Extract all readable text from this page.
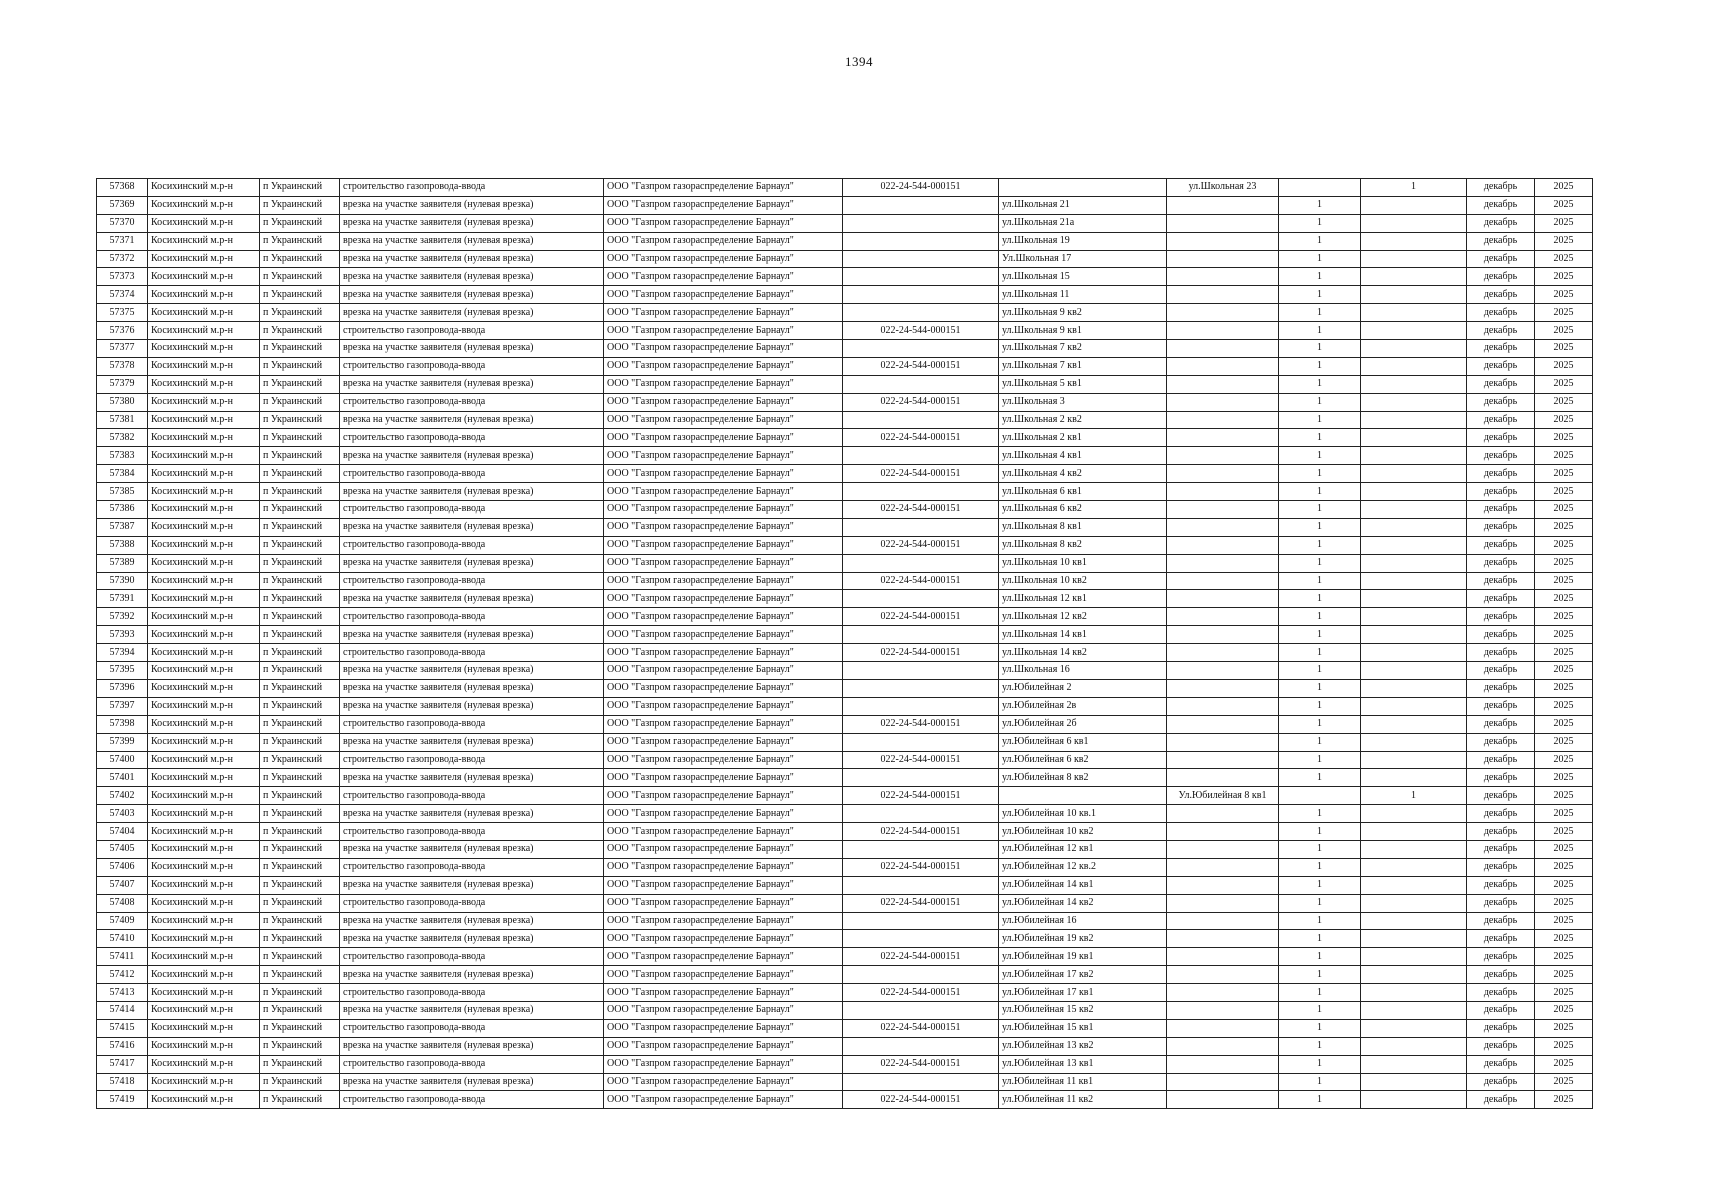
1394
57368	Косихинский м.р-н	п Украинский	строительство газопровода-ввода	ООО "Газпром газораспределение Барнаул"	022-24-544-000151		ул.Школьная 23		1	декабрь	2025
57369	Косихинский м.р-н	п Украинский	врезка на участке заявителя (нулевая врезка)	ООО "Газпром газораспределение Барнаул"		ул.Школьная 21		1		декабрь	2025
57370	Косихинский м.р-н	п Украинский	врезка на участке заявителя (нулевая врезка)	ООО "Газпром газораспределение Барнаул"		ул.Школьная 21а		1		декабрь	2025
57371	Косихинский м.р-н	п Украинский	врезка на участке заявителя (нулевая врезка)	ООО "Газпром газораспределение Барнаул"		ул.Школьная 19		1		декабрь	2025
57372	Косихинский м.р-н	п Украинский	врезка на участке заявителя (нулевая врезка)	ООО "Газпром газораспределение Барнаул"		Ул.Школьная 17		1		декабрь	2025
57373	Косихинский м.р-н	п Украинский	врезка на участке заявителя (нулевая врезка)	ООО "Газпром газораспределение Барнаул"		ул.Школьная 15		1		декабрь	2025
57374	Косихинский м.р-н	п Украинский	врезка на участке заявителя (нулевая врезка)	ООО "Газпром газораспределение Барнаул"		ул.Школьная 11		1		декабрь	2025
57375	Косихинский м.р-н	п Украинский	врезка на участке заявителя (нулевая врезка)	ООО "Газпром газораспределение Барнаул"		ул.Школьная 9 кв2		1		декабрь	2025
57376	Косихинский м.р-н	п Украинский	строительство газопровода-ввода	ООО "Газпром газораспределение Барнаул"	022-24-544-000151	ул.Школьная 9 кв1		1		декабрь	2025
57377	Косихинский м.р-н	п Украинский	врезка на участке заявителя (нулевая врезка)	ООО "Газпром газораспределение Барнаул"		ул.Школьная 7 кв2		1		декабрь	2025
57378	Косихинский м.р-н	п Украинский	строительство газопровода-ввода	ООО "Газпром газораспределение Барнаул"	022-24-544-000151	ул.Школьная 7 кв1		1		декабрь	2025
57379	Косихинский м.р-н	п Украинский	врезка на участке заявителя (нулевая врезка)	ООО "Газпром газораспределение Барнаул"		ул.Школьная 5 кв1		1		декабрь	2025
57380	Косихинский м.р-н	п Украинский	строительство газопровода-ввода	ООО "Газпром газораспределение Барнаул"	022-24-544-000151	ул.Школьная 3		1		декабрь	2025
57381	Косихинский м.р-н	п Украинский	врезка на участке заявителя (нулевая врезка)	ООО "Газпром газораспределение Барнаул"		ул.Школьная 2 кв2		1		декабрь	2025
57382	Косихинский м.р-н	п Украинский	строительство газопровода-ввода	ООО "Газпром газораспределение Барнаул"	022-24-544-000151	ул.Школьная 2 кв1		1		декабрь	2025
57383	Косихинский м.р-н	п Украинский	врезка на участке заявителя (нулевая врезка)	ООО "Газпром газораспределение Барнаул"		ул.Школьная 4 кв1		1		декабрь	2025
57384	Косихинский м.р-н	п Украинский	строительство газопровода-ввода	ООО "Газпром газораспределение Барнаул"	022-24-544-000151	ул.Школьная 4 кв2		1		декабрь	2025
57385	Косихинский м.р-н	п Украинский	врезка на участке заявителя (нулевая врезка)	ООО "Газпром газораспределение Барнаул"		ул.Школьная 6 кв1		1		декабрь	2025
57386	Косихинский м.р-н	п Украинский	строительство газопровода-ввода	ООО "Газпром газораспределение Барнаул"	022-24-544-000151	ул.Школьная 6 кв2		1		декабрь	2025
57387	Косихинский м.р-н	п Украинский	врезка на участке заявителя (нулевая врезка)	ООО "Газпром газораспределение Барнаул"		ул.Школьная 8 кв1		1		декабрь	2025
57388	Косихинский м.р-н	п Украинский	строительство газопровода-ввода	ООО "Газпром газораспределение Барнаул"	022-24-544-000151	ул.Школьная 8 кв2		1		декабрь	2025
57389	Косихинский м.р-н	п Украинский	врезка на участке заявителя (нулевая врезка)	ООО "Газпром газораспределение Барнаул"		ул.Школьная 10 кв1		1		декабрь	2025
57390	Косихинский м.р-н	п Украинский	строительство газопровода-ввода	ООО "Газпром газораспределение Барнаул"	022-24-544-000151	ул.Школьная 10 кв2		1		декабрь	2025
57391	Косихинский м.р-н	п Украинский	врезка на участке заявителя (нулевая врезка)	ООО "Газпром газораспределение Барнаул"		ул.Школьная 12 кв1		1		декабрь	2025
57392	Косихинский м.р-н	п Украинский	строительство газопровода-ввода	ООО "Газпром газораспределение Барнаул"	022-24-544-000151	ул.Школьная 12 кв2		1		декабрь	2025
57393	Косихинский м.р-н	п Украинский	врезка на участке заявителя (нулевая врезка)	ООО "Газпром газораспределение Барнаул"		ул.Школьная 14 кв1		1		декабрь	2025
57394	Косихинский м.р-н	п Украинский	строительство газопровода-ввода	ООО "Газпром газораспределение Барнаул"	022-24-544-000151	ул.Школьная 14 кв2		1		декабрь	2025
57395	Косихинский м.р-н	п Украинский	врезка на участке заявителя (нулевая врезка)	ООО "Газпром газораспределение Барнаул"		ул.Школьная 16		1		декабрь	2025
57396	Косихинский м.р-н	п Украинский	врезка на участке заявителя (нулевая врезка)	ООО "Газпром газораспределение Барнаул"		ул.Юбилейная 2		1		декабрь	2025
57397	Косихинский м.р-н	п Украинский	врезка на участке заявителя (нулевая врезка)	ООО "Газпром газораспределение Барнаул"		ул.Юбилейная 2в		1		декабрь	2025
57398	Косихинский м.р-н	п Украинский	строительство газопровода-ввода	ООО "Газпром газораспределение Барнаул"	022-24-544-000151	ул.Юбилейная 2б		1		декабрь	2025
57399	Косихинский м.р-н	п Украинский	врезка на участке заявителя (нулевая врезка)	ООО "Газпром газораспределение Барнаул"		ул.Юбилейная 6 кв1		1		декабрь	2025
57400	Косихинский м.р-н	п Украинский	строительство газопровода-ввода	ООО "Газпром газораспределение Барнаул"	022-24-544-000151	ул.Юбилейная 6 кв2		1		декабрь	2025
57401	Косихинский м.р-н	п Украинский	врезка на участке заявителя (нулевая врезка)	ООО "Газпром газораспределение Барнаул"		ул.Юбилейная 8 кв2		1		декабрь	2025
57402	Косихинский м.р-н	п Украинский	строительство газопровода-ввода	ООО "Газпром газораспределение Барнаул"	022-24-544-000151		Ул.Юбилейная 8 кв1		1	декабрь	2025
57403	Косихинский м.р-н	п Украинский	врезка на участке заявителя (нулевая врезка)	ООО "Газпром газораспределение Барнаул"		ул.Юбилейная 10 кв.1		1		декабрь	2025
57404	Косихинский м.р-н	п Украинский	строительство газопровода-ввода	ООО "Газпром газораспределение Барнаул"	022-24-544-000151	ул.Юбилейная 10 кв2		1		декабрь	2025
57405	Косихинский м.р-н	п Украинский	врезка на участке заявителя (нулевая врезка)	ООО "Газпром газораспределение Барнаул"		ул.Юбилейная 12 кв1		1		декабрь	2025
57406	Косихинский м.р-н	п Украинский	строительство газопровода-ввода	ООО "Газпром газораспределение Барнаул"	022-24-544-000151	ул.Юбилейная 12 кв.2		1		декабрь	2025
57407	Косихинский м.р-н	п Украинский	врезка на участке заявителя (нулевая врезка)	ООО "Газпром газораспределение Барнаул"		ул.Юбилейная 14 кв1		1		декабрь	2025
57408	Косихинский м.р-н	п Украинский	строительство газопровода-ввода	ООО "Газпром газораспределение Барнаул"	022-24-544-000151	ул.Юбилейная 14 кв2		1		декабрь	2025
57409	Косихинский м.р-н	п Украинский	врезка на участке заявителя (нулевая врезка)	ООО "Газпром газораспределение Барнаул"		ул.Юбилейная 16		1		декабрь	2025
57410	Косихинский м.р-н	п Украинский	врезка на участке заявителя (нулевая врезка)	ООО "Газпром газораспределение Барнаул"		ул.Юбилейная 19 кв2		1		декабрь	2025
57411	Косихинский м.р-н	п Украинский	строительство газопровода-ввода	ООО "Газпром газораспределение Барнаул"	022-24-544-000151	ул.Юбилейная 19 кв1		1		декабрь	2025
57412	Косихинский м.р-н	п Украинский	врезка на участке заявителя (нулевая врезка)	ООО "Газпром газораспределение Барнаул"		ул.Юбилейная 17 кв2		1		декабрь	2025
57413	Косихинский м.р-н	п Украинский	строительство газопровода-ввода	ООО "Газпром газораспределение Барнаул"	022-24-544-000151	ул.Юбилейная 17 кв1		1		декабрь	2025
57414	Косихинский м.р-н	п Украинский	врезка на участке заявителя (нулевая врезка)	ООО "Газпром газораспределение Барнаул"		ул.Юбилейная 15 кв2		1		декабрь	2025
57415	Косихинский м.р-н	п Украинский	строительство газопровода-ввода	ООО "Газпром газораспределение Барнаул"	022-24-544-000151	ул.Юбилейная 15 кв1		1		декабрь	2025
57416	Косихинский м.р-н	п Украинский	врезка на участке заявителя (нулевая врезка)	ООО "Газпром газораспределение Барнаул"		ул.Юбилейная 13 кв2		1		декабрь	2025
57417	Косихинский м.р-н	п Украинский	строительство газопровода-ввода	ООО "Газпром газораспределение Барнаул"	022-24-544-000151	ул.Юбилейная 13 кв1		1		декабрь	2025
57418	Косихинский м.р-н	п Украинский	врезка на участке заявителя (нулевая врезка)	ООО "Газпром газораспределение Барнаул"		ул.Юбилейная 11 кв1		1		декабрь	2025
57419	Косихинский м.р-н	п Украинский	строительство газопровода-ввода	ООО "Газпром газораспределение Барнаул"	022-24-544-000151	ул.Юбилейная 11 кв2		1		декабрь	2025
